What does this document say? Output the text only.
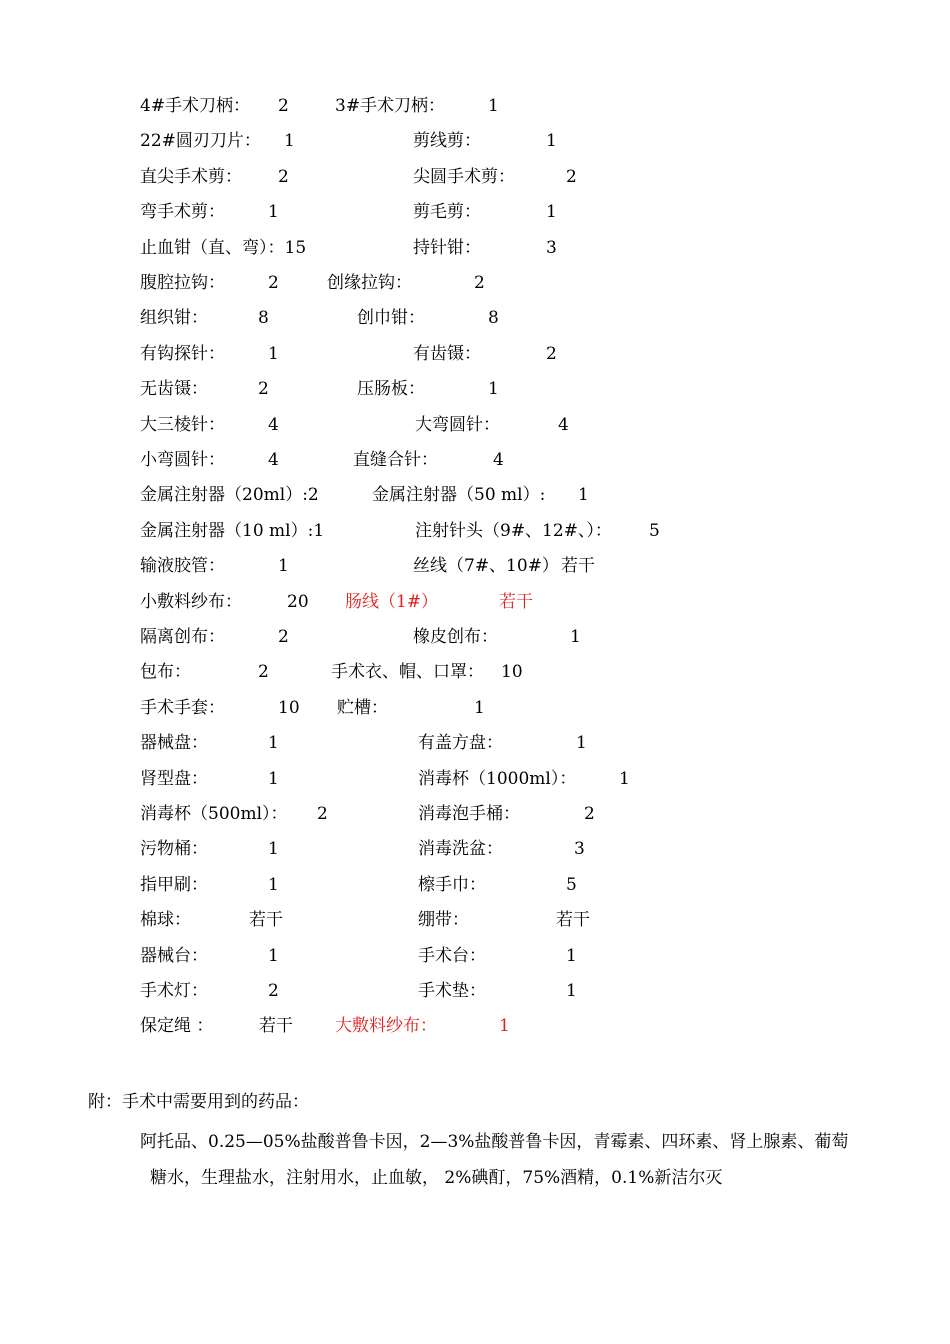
4#手术刀柄： 2	3#手术刀柄：	1
22#圆刃刀片： 1	剪线剪：	1
直尖手术剪： 2	尖圆手术剪：	2
弯手术剪：	1	剪毛剪：	1
止血钳（直、弯）：15	持针钳：	3
腹腔拉钩：	2	创缘拉钩：	2
组织钳：	8	创巾钳：	8
有钩探针：	1	有齿镊：	2
无齿镊：	2	压肠板：	1
大三棱针：	4	大弯圆针：	4
小弯圆针：	4	直缝合针：	4
金属注射器（20ml）:2	金属注射器（50 ml）: 1
金属注射器（10 ml）:1	注射针头（9#、12#、）： 5
输液胶管：	1	丝线（7#、10#） 若干
小敷料纱布：	20 肠线（1#）	若干
隔离创布：	2	橡皮创布：	1
包布：	2	手术衣、帽、口罩： 10
手术手套：	10 贮槽：	1
器械盘：	1	有盖方盘：	1
肾型盘：	1	消毒杯（1000ml）：	1
消毒杯（500ml）： 2	消毒泡手桶：	2
污物桶：	1	消毒洗盆：	3
指甲刷：	1	檫手巾：	5
棉球：	若干	绷带：	若干
器械台：	1	手术台：	1
手术灯：	2	手术垫：	1
保定绳 ：	若干 大敷料纱布：	1
附：手术中需要用到的药品：
阿托品、0.25—05%盐酸普鲁卡因，2—3%盐酸普鲁卡因，青霉素、四环素、肾上腺素、葡萄
糖水，生理盐水，注射用水，止血敏， 2%碘酊，75%酒精，0.1%新洁尔灭
